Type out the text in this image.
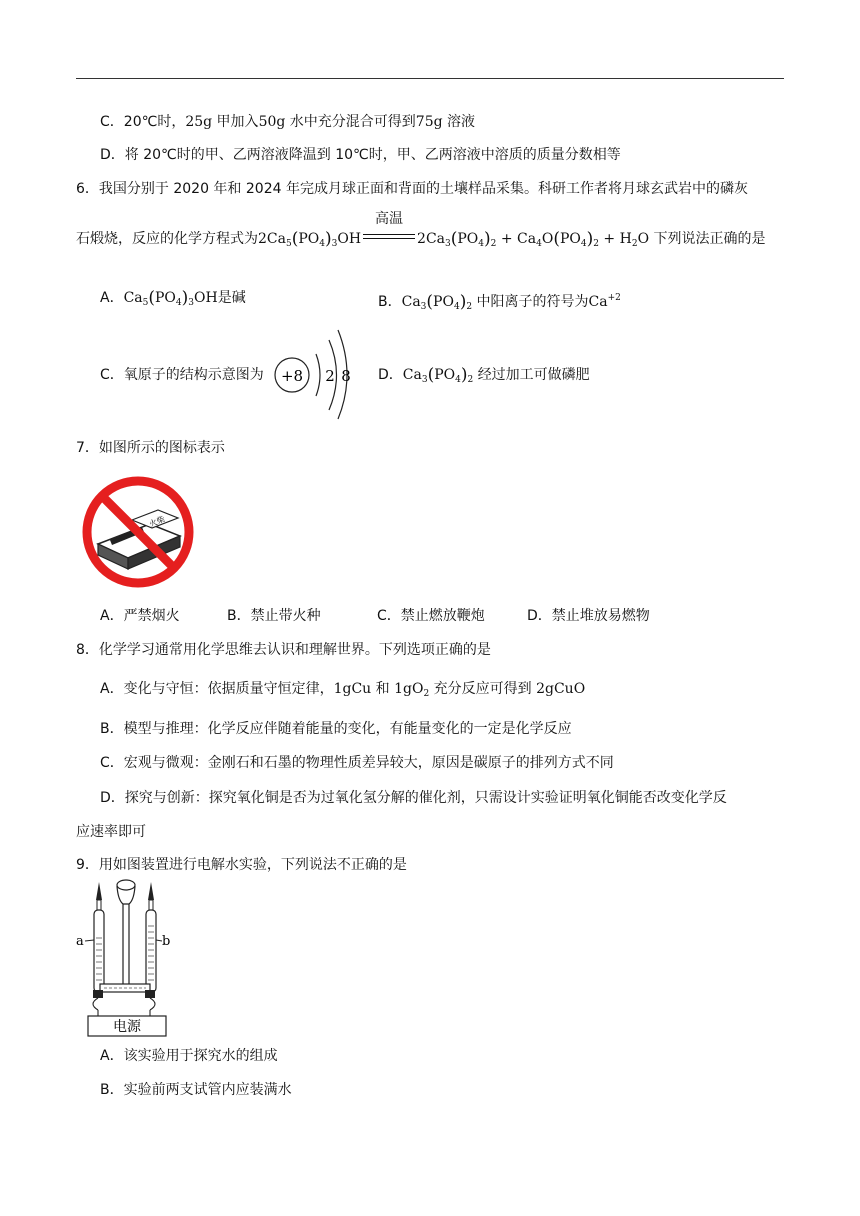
C．20℃时，25g 甲加入50g 水中充分混合可得到75g 溶液
D．将 20℃时的甲、乙两溶液降温到 10℃时，甲、乙两溶液中溶质的质量分数相等
6．我国分别于 2020 年和 2024 年完成月球正面和背面的土壤样品采集。科研工作者将月球玄武岩中的磷灰
石煅烧，反应的化学方程式为$2Ca_5(PO_4)_3OH$
高温
$2Ca_3(PO_4)_2 + Ca_4O(PO_4)_2 + H_2O$ 下列说法正确的是
A．$Ca_5(PO_4)_3OH$是碱	B．$Ca_3(PO_4)_2$ 中阳离子的符号为$Ca^{+2}$
C．氧原子的结构示意图为 +8 2 8 D．$Ca_3(PO_4)_2$ 经过加工可做磷肥
7．如图所示的图标表示
火柴
A．严禁烟火	B．禁止带火种	C．禁止燃放鞭炮	D．禁止堆放易燃物
8．化学学习通常用化学思维去认识和理解世界。下列选项正确的是
A．变化与守恒：依据质量守恒定律，1gCu 和 $1gO_2$ 充分反应可得到 2gCuO
B．模型与推理：化学反应伴随着能量的变化，有能量变化的一定是化学反应
C．宏观与微观：金刚石和石墨的物理性质差异较大，原因是碳原子的排列方式不同
D．探究与创新：探究氧化铜是否为过氧化氢分解的催化剂，只需设计实验证明氧化铜能否改变化学反
应速率即可
9．用如图装置进行电解水实验，下列说法不正确的是
a	b
电源
A．该实验用于探究水的组成
B．实验前两支试管内应装满水
